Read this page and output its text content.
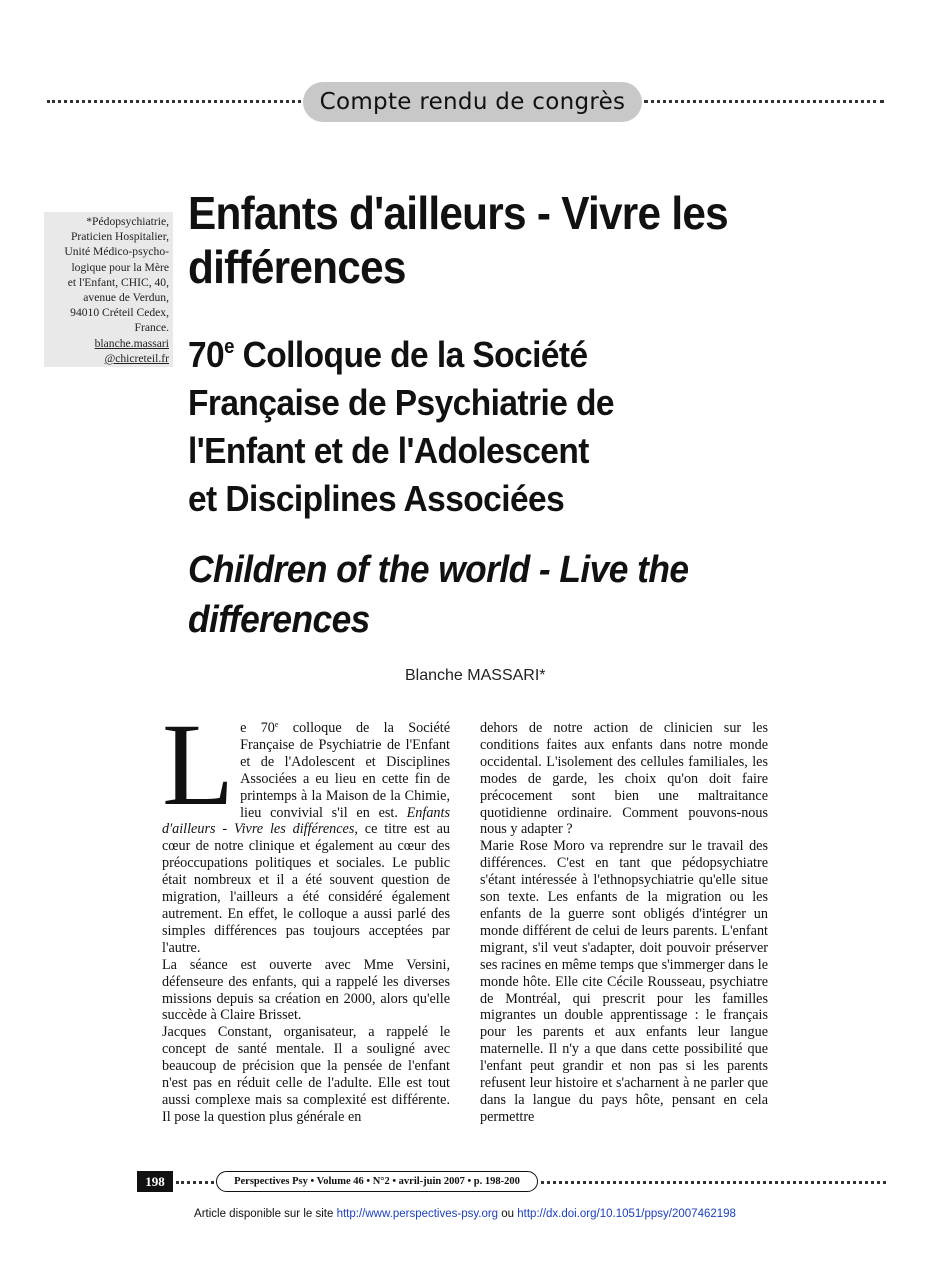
Compte rendu de congrès
*Pédopsychiatrie,
Praticien Hospitalier,
Unité Médico-psycho-
logique pour la Mère
et l'Enfant, CHIC, 40,
avenue de Verdun,
94010 Créteil Cedex,
France.
blanche.massari
@chicreteil.fr
Enfants d'ailleurs - Vivre les
différences
70e Colloque de la Société
Française de Psychiatrie de
l'Enfant et de l'Adolescent
et Disciplines Associées
Children of the world - Live the
differences
Blanche MASSARI*

Le 70e colloque de la Société Française de Psychiatrie de l'Enfant et de l'Adolescent et Disciplines Associées a eu lieu en cette fin de printemps à la Maison de la Chimie, lieu convivial s'il en est. Enfants d'ailleurs - Vivre les différences, ce titre est au cœur de notre clinique et également au cœur des préoccupations politiques et sociales. Le public était nombreux et il a été souvent question de migration, l'ailleurs a été considéré également autrement. En effet, le colloque a aussi parlé des simples différences pas toujours acceptées par l'autre.

La séance est ouverte avec Mme Versini, défenseure des enfants, qui a rappelé les diverses missions depuis sa création en 2000, alors qu'elle succède à Claire Brisset.

Jacques Constant, organisateur, a rappelé le concept de santé mentale. Il a souligné avec beaucoup de précision que la pensée de l'enfant n'est pas en réduit celle de l'adulte. Elle est tout aussi complexe mais sa complexité est différente. Il pose la question plus générale en

dehors de notre action de clinicien sur les conditions faites aux enfants dans notre monde occidental. L'isolement des cellules familiales, les modes de garde, les choix qu'on doit faire précocement sont bien une maltraitance quotidienne ordinaire. Comment pouvons-nous nous y adapter ?

Marie Rose Moro va reprendre sur le travail des différences. C'est en tant que pédopsychiatre s'étant intéressée à l'ethnopsychiatrie qu'elle situe son texte. Les enfants de la migration ou les enfants de la guerre sont obligés d'intégrer un monde différent de celui de leurs parents. L'enfant migrant, s'il veut s'adapter, doit pouvoir préserver ses racines en même temps que s'immerger dans le monde hôte. Elle cite Cécile Rousseau, psychiatre de Montréal, qui prescrit pour les familles migrantes un double apprentissage : le français pour les parents et aux enfants leur langue maternelle. Il n'y a que dans cette possibilité que l'enfant peut grandir et non pas si les parents refusent leur histoire et s'acharnent à ne parler que dans la langue du pays hôte, pensant en cela permettre

198	Perspectives Psy • Volume 46 • N°2 • avril-juin 2007 • p. 198-200
Article disponible sur le site http://www.perspectives-psy.org ou http://dx.doi.org/10.1051/ppsy/2007462198
